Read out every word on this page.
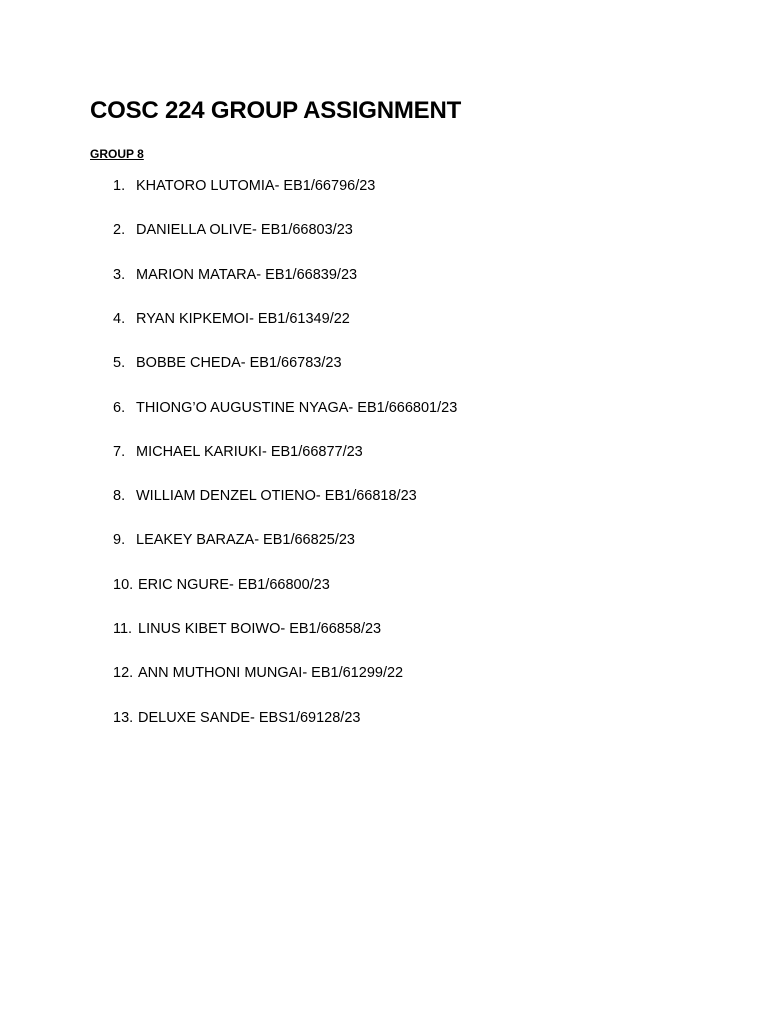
COSC 224 GROUP ASSIGNMENT
GROUP 8
1. KHATORO LUTOMIA- EB1/66796/23
2. DANIELLA OLIVE- EB1/66803/23
3. MARION MATARA- EB1/66839/23
4. RYAN KIPKEMOI- EB1/61349/22
5. BOBBE CHEDA- EB1/66783/23
6. THIONG’O AUGUSTINE NYAGA- EB1/666801/23
7. MICHAEL KARIUKI- EB1/66877/23
8. WILLIAM DENZEL OTIENO- EB1/66818/23
9. LEAKEY BARAZA- EB1/66825/23
10. ERIC NGURE- EB1/66800/23
11. LINUS KIBET BOIWO- EB1/66858/23
12. ANN MUTHONI MUNGAI- EB1/61299/22
13. DELUXE SANDE- EBS1/69128/23
